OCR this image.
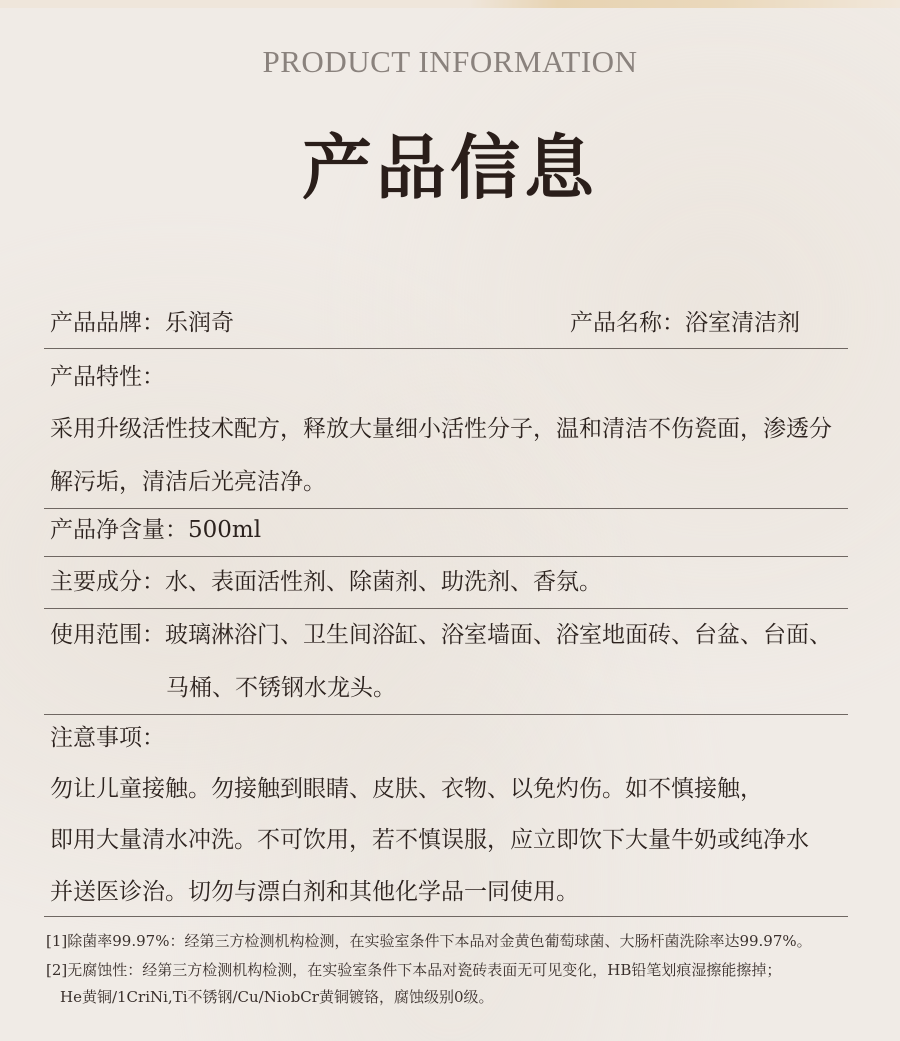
PRODUCT INFORMATION
产品信息
产品品牌：乐润奇	产品名称：浴室清洁剂
产品特性：
采用升级活性技术配方，释放大量细小活性分子，温和清洁不伤瓷面，渗透分
解污垢，清洁后光亮洁净。
产品净含量：500ml
主要成分：水、表面活性剂、除菌剂、助洗剂、香氛。
使用范围：玻璃淋浴门、卫生间浴缸、浴室墙面、浴室地面砖、台盆、台面、
马桶、不锈钢水龙头。
注意事项：
勿让儿童接触。勿接触到眼睛、皮肤、衣物、以免灼伤。如不慎接触，
即用大量清水冲洗。不可饮用，若不慎误服，应立即饮下大量牛奶或纯净水
并送医诊治。切勿与漂白剂和其他化学品一同使用。
[1]除菌率99.97%：经第三方检测机构检测，在实验室条件下本品对金黄色葡萄球菌、大肠杆菌洗除率达99.97%。
[2]无腐蚀性：经第三方检测机构检测，在实验室条件下本品对瓷砖表面无可见变化，HB铅笔划痕湿擦能擦掉；
He黄铜/1CriNi,Ti不锈钢/Cu/NiobCr黄铜镀铬，腐蚀级别0级。
